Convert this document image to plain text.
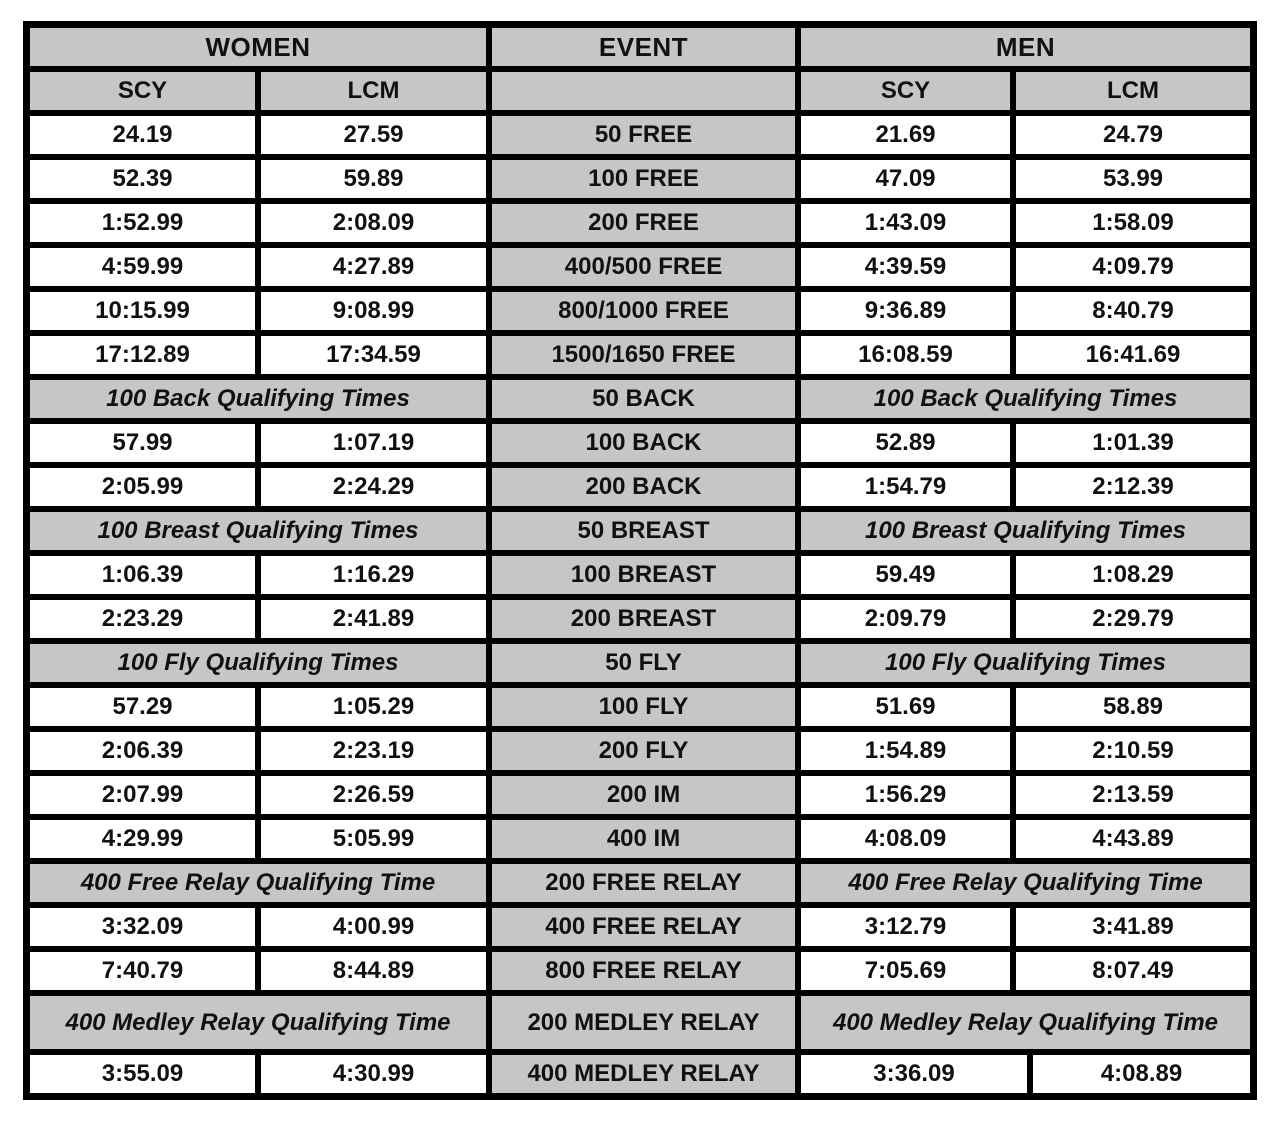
WOMEN	EVENT	MEN
SCY	LCM	SCY	LCM
24.19	27.59	50 FREE	21.69	24.79
52.39	59.89	100 FREE	47.09	53.99
1:52.99	2:08.09	200 FREE	1:43.09	1:58.09
4:59.99	4:27.89	400/500 FREE	4:39.59	4:09.79
10:15.99	9:08.99	800/1000 FREE	9:36.89	8:40.79
17:12.89	17:34.59	1500/1650 FREE	16:08.59	16:41.69
100 Back Qualifying Times	50 BACK	100 Back Qualifying Times
57.99	1:07.19	100 BACK	52.89	1:01.39
2:05.99	2:24.29	200 BACK	1:54.79	2:12.39
100 Breast Qualifying Times	50 BREAST	100 Breast Qualifying Times
1:06.39	1:16.29	100 BREAST	59.49	1:08.29
2:23.29	2:41.89	200 BREAST	2:09.79	2:29.79
100 Fly Qualifying Times	50 FLY	100 Fly Qualifying Times
57.29	1:05.29	100 FLY	51.69	58.89
2:06.39	2:23.19	200 FLY	1:54.89	2:10.59
2:07.99	2:26.59	200 IM	1:56.29	2:13.59
4:29.99	5:05.99	400 IM	4:08.09	4:43.89
400 Free Relay Qualifying Time	200 FREE RELAY	400 Free Relay Qualifying Time
3:32.09	4:00.99	400 FREE RELAY	3:12.79	3:41.89
7:40.79	8:44.89	800 FREE RELAY	7:05.69	8:07.49
400 Medley Relay Qualifying Time	200 MEDLEY RELAY	400 Medley Relay Qualifying Time
3:55.09	4:30.99	400 MEDLEY RELAY	3:36.09	4:08.89
